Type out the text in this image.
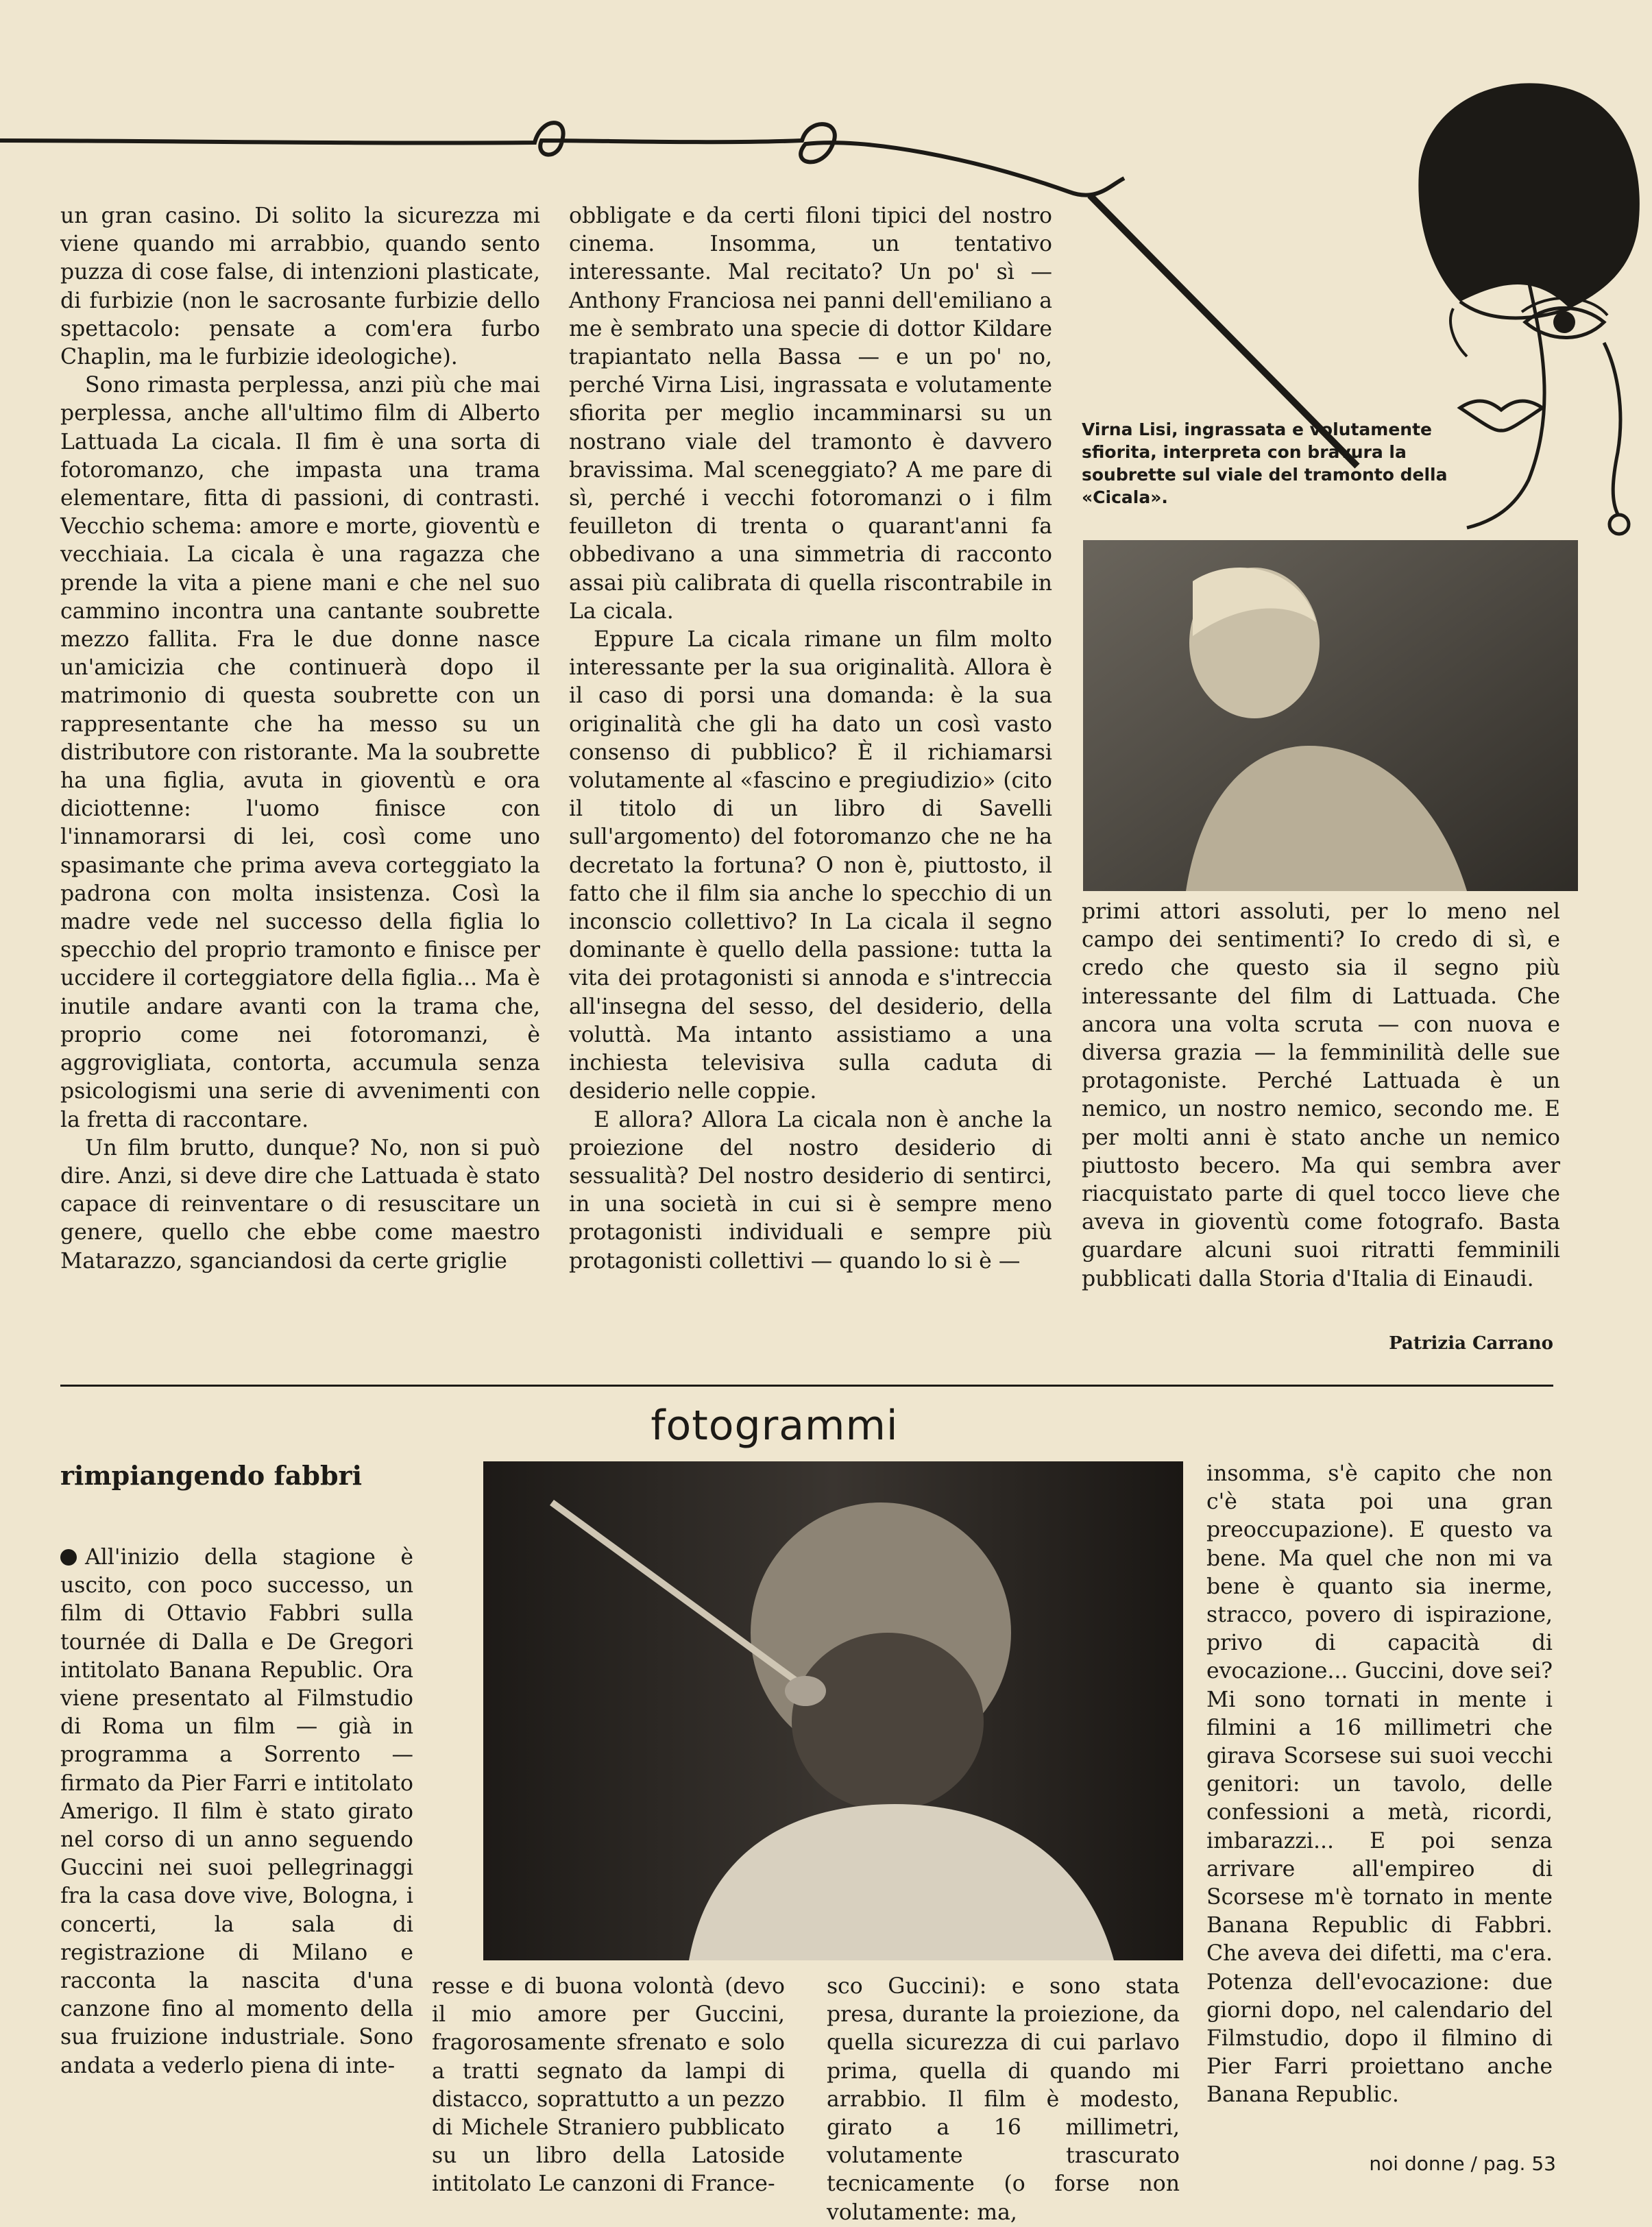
un gran casino. Di solito la sicurezza mi viene quando mi arrabbio, quando sento puzza di cose false, di intenzioni plasticate, di furbizie (non le sacrosante furbizie dello spettacolo: pensate a com'era furbo Chaplin, ma le furbizie ideologiche).

Sono rimasta perplessa, anzi più che mai perplessa, anche all'ultimo film di Alberto Lattuada La cicala. Il fim è una sorta di fotoromanzo, che impasta una trama elementare, fitta di passioni, di contrasti. Vecchio schema: amore e morte, gioventù e vecchiaia. La cicala è una ragazza che prende la vita a piene mani e che nel suo cammino incontra una cantante soubrette mezzo fallita. Fra le due donne nasce un'amicizia che continuerà dopo il matrimonio di questa soubrette con un rappresentante che ha messo su un distributore con ristorante. Ma la soubrette ha una figlia, avuta in gioventù e ora diciottenne: l'uomo finisce con l'innamorarsi di lei, così come uno spasimante che prima aveva corteggiato la padrona con molta insistenza. Così la madre vede nel successo della figlia lo specchio del proprio tramonto e finisce per uccidere il corteggiatore della figlia... Ma è inutile andare avanti con la trama che, proprio come nei fotoromanzi, è aggrovigliata, contorta, accumula senza psicologismi una serie di avvenimenti con la fretta di raccontare.

Un film brutto, dunque? No, non si può dire. Anzi, si deve dire che Lattuada è stato capace di reinventare o di resuscitare un genere, quello che ebbe come maestro Matarazzo, sganciandosi da certe griglie

obbligate e da certi filoni tipici del nostro cinema. Insomma, un tentativo interessante. Mal recitato? Un po' sì — Anthony Franciosa nei panni dell'emiliano a me è sembrato una specie di dottor Kildare trapiantato nella Bassa — e un po' no, perché Virna Lisi, ingrassata e volutamente sfiorita per meglio incamminarsi su un nostrano viale del tramonto è davvero bravissima. Mal sceneggiato? A me pare di sì, perché i vecchi fotoromanzi o i film feuilleton di trenta o quarant'anni fa obbedivano a una simmetria di racconto assai più calibrata di quella riscontrabile in La cicala.

Eppure La cicala rimane un film molto interessante per la sua originalità. Allora è il caso di porsi una domanda: è la sua originalità che gli ha dato un così vasto consenso di pubblico? È il richiamarsi volutamente al «fascino e pregiudizio» (cito il titolo di un libro di Savelli sull'argomento) del fotoromanzo che ne ha decretato la fortuna? O non è, piuttosto, il fatto che il film sia anche lo specchio di un inconscio collettivo? In La cicala il segno dominante è quello della passione: tutta la vita dei protagonisti si annoda e s'intreccia all'insegna del sesso, del desiderio, della voluttà. Ma intanto assistiamo a una inchiesta televisiva sulla caduta di desiderio nelle coppie.

E allora? Allora La cicala non è anche la proiezione del nostro desiderio di sessualità? Del nostro desiderio di sentirci, in una società in cui si è sempre meno protagonisti individuali e sempre più protagonisti collettivi — quando lo si è —

Virna Lisi, ingrassata e volutamente sfiorita, interpreta con bravura la soubrette sul viale del tramonto della «Cicala».

primi attori assoluti, per lo meno nel campo dei sentimenti? Io credo di sì, e credo che questo sia il segno più interessante del film di Lattuada. Che ancora una volta scruta — con nuova e diversa grazia — la femminilità delle sue protagoniste. Perché Lattuada è un nemico, un nostro nemico, secondo me. E per molti anni è stato anche un nemico piuttosto becero. Ma qui sembra aver riacquistato parte di quel tocco lieve che aveva in gioventù come fotografo. Basta guardare alcuni suoi ritratti femminili pubblicati dalla Storia d'Italia di Einaudi.

Patrizia Carrano
fotogrammi
rimpiangendo fabbri
All'inizio della stagione è uscito, con poco successo, un film di Ottavio Fabbri sulla tournée di Dalla e De Gregori intitolato Banana Republic. Ora viene presentato al Filmstudio di Roma un film — già in programma a Sorrento — firmato da Pier Farri e intitolato Amerigo. Il film è stato girato nel corso di un anno seguendo Guccini nei suoi pellegrinaggi fra la casa dove vive, Bologna, i concerti, la sala di registrazione di Milano e racconta la nascita d'una canzone fino al momento della sua fruizione industriale. Sono andata a vederlo piena di inte-
resse e di buona volontà (devo il mio amore per Guccini, fragorosamente sfrenato e solo a tratti segnato da lampi di distacco, soprattutto a un pezzo di Michele Straniero pubblicato su un libro della Latoside intitolato Le canzoni di France-
sco Guccini): e sono stata presa, durante la proiezione, da quella sicurezza di cui parlavo prima, quella di quando mi arrabbio. Il film è modesto, girato a 16 millimetri, volutamente trascurato tecnicamente (o forse non volutamente: ma,
insomma, s'è capito che non c'è stata poi una gran preoccupazione). E questo va bene. Ma quel che non mi va bene è quanto sia inerme, stracco, povero di ispirazione, privo di capacità di evocazione... Guccini, dove sei? Mi sono tornati in mente i filmini a 16 millimetri che girava Scorsese sui suoi vecchi genitori: un tavolo, delle confessioni a metà, ricordi, imbarazzi... E poi senza arrivare all'empireo di Scorsese m'è tornato in mente Banana Republic di Fabbri. Che aveva dei difetti, ma c'era. Potenza dell'evocazione: due giorni dopo, nel calendario del Filmstudio, dopo il filmino di Pier Farri proiettano anche Banana Republic.
noi donne / pag. 53
